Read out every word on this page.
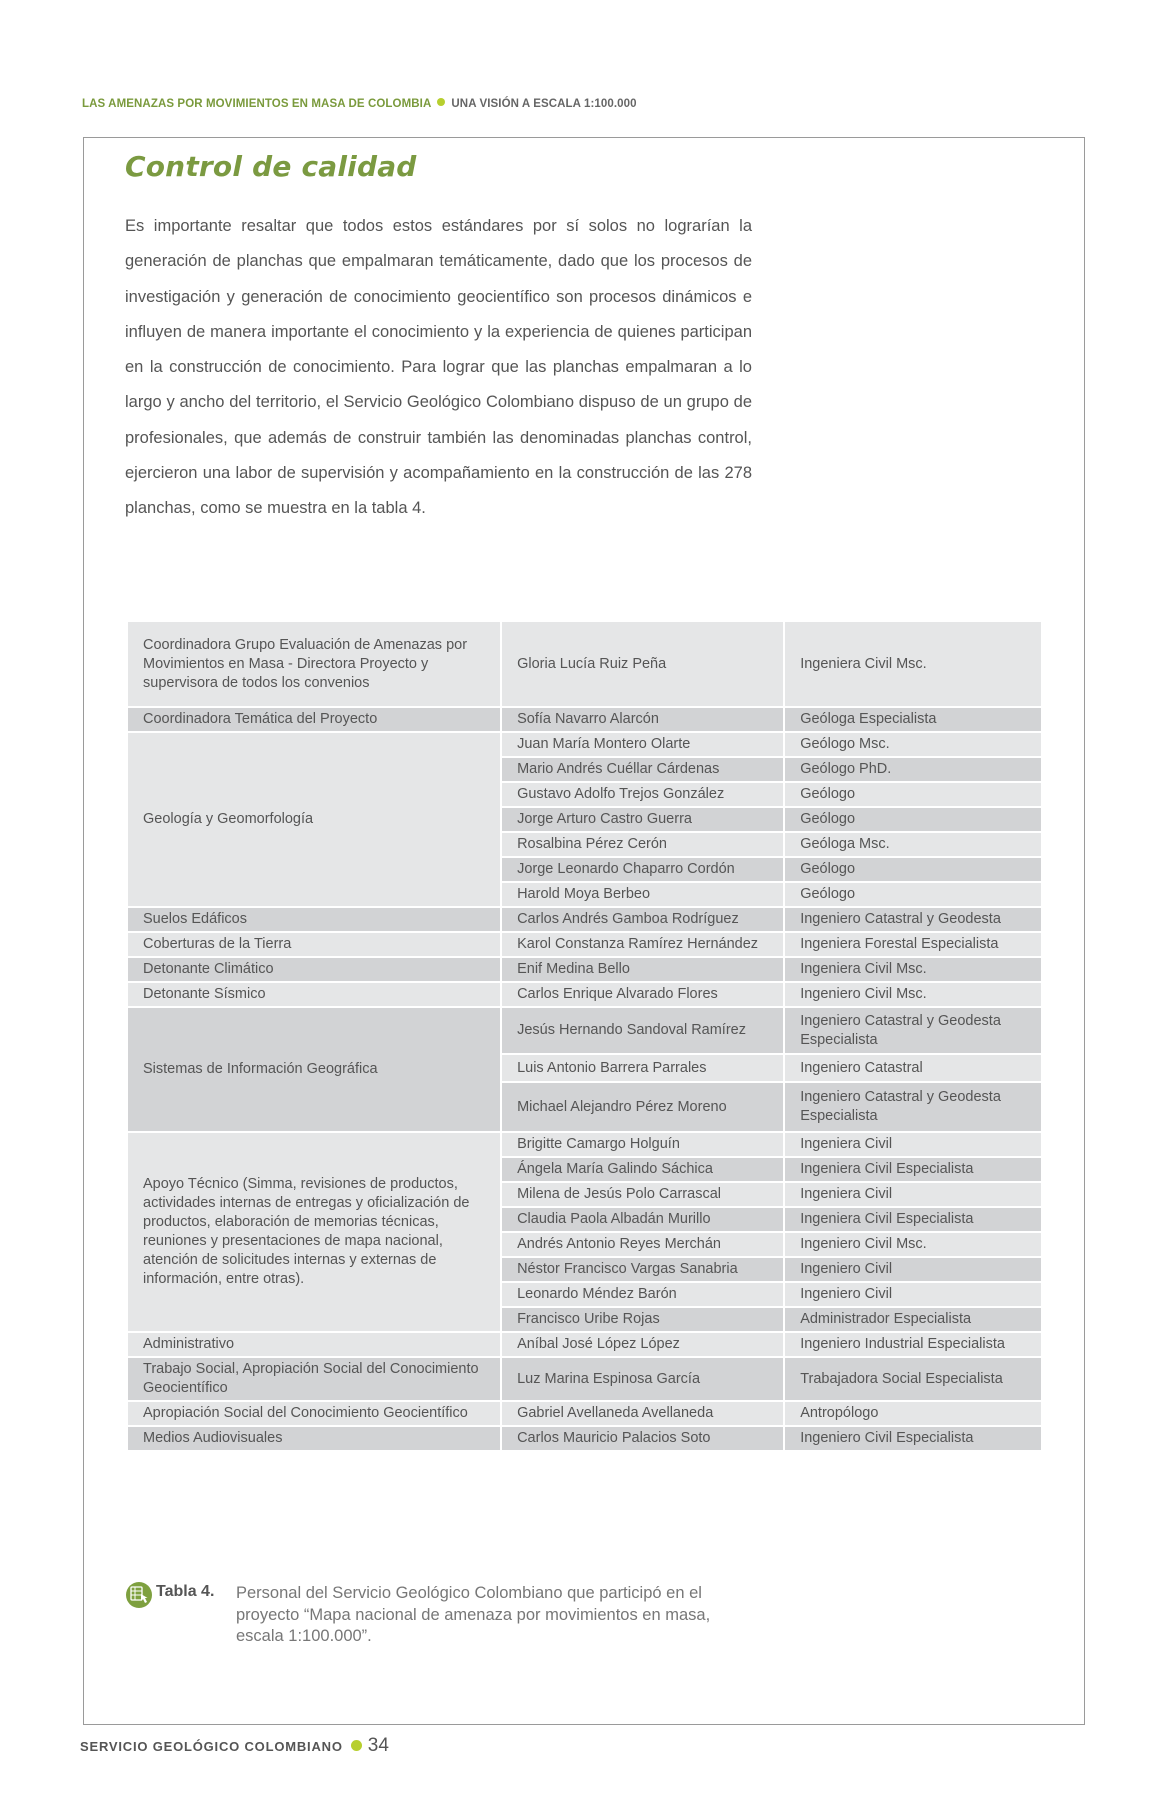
LAS AMENAZAS POR MOVIMIENTOS EN MASA DE COLOMBIA UNA VISIÓN A ESCALA 1:100.000
Control de calidad
Es importante resaltar que todos estos estándares por sí solos no lograrían la generación de planchas que empalmaran temáticamente, dado que los procesos de investigación y generación de conocimiento geocientífico son procesos dinámicos e influyen de manera importante el conocimiento y la experiencia de quienes participan en la construcción de conocimiento. Para lograr que las planchas empalmaran a lo largo y ancho del territorio, el Servicio Geológico Colombiano dispuso de un grupo de profesionales, que además de construir también las denominadas planchas control, ejercieron una labor de supervisión y acompañamiento en la construcción de las 278 planchas, como se muestra en la tabla 4.
Coordinadora Grupo Evaluación de Amenazas por Movimientos en Masa - Directora Proyecto y supervisora de todos los convenios	Gloria Lucía Ruiz Peña	Ingeniera Civil Msc.
Coordinadora Temática del Proyecto	Sofía Navarro Alarcón	Geóloga Especialista
Geología y Geomorfología	Juan María Montero Olarte	Geólogo Msc.
	Mario Andrés Cuéllar Cárdenas	Geólogo PhD.
	Gustavo Adolfo Trejos González	Geólogo
	Jorge Arturo Castro Guerra	Geólogo
	Rosalbina Pérez Cerón	Geóloga Msc.
	Jorge Leonardo Chaparro Cordón	Geólogo
	Harold Moya Berbeo	Geólogo
Suelos Edáficos	Carlos Andrés Gamboa Rodríguez	Ingeniero Catastral y Geodesta
Coberturas de la Tierra	Karol Constanza Ramírez Hernández	Ingeniera Forestal Especialista
Detonante Climático	Enif Medina Bello	Ingeniera Civil Msc.
Detonante Sísmico	Carlos Enrique Alvarado Flores	Ingeniero Civil Msc.
Sistemas de Información Geográfica	Jesús Hernando Sandoval Ramírez	Ingeniero Catastral y Geodesta Especialista
	Luis Antonio Barrera Parrales	Ingeniero Catastral
	Michael Alejandro Pérez Moreno	Ingeniero Catastral y Geodesta Especialista
Apoyo Técnico (Simma, revisiones de productos, actividades internas de entregas y oficialización de productos, elaboración de memorias técnicas, reuniones y presentaciones de mapa nacional, atención de solicitudes internas y externas de información, entre otras).	Brigitte Camargo Holguín	Ingeniera Civil
	Ángela María Galindo Sáchica	Ingeniera Civil Especialista
	Milena de Jesús Polo Carrascal	Ingeniera Civil
	Claudia Paola Albadán Murillo	Ingeniera Civil Especialista
	Andrés Antonio Reyes Merchán	Ingeniero Civil Msc.
	Néstor Francisco Vargas Sanabria	Ingeniero Civil
	Leonardo Méndez Barón	Ingeniero Civil
	Francisco Uribe Rojas	Administrador Especialista
Administrativo	Aníbal José López López	Ingeniero Industrial Especialista
Trabajo Social, Apropiación Social del Conocimiento Geocientífico	Luz Marina Espinosa García	Trabajadora Social Especialista
Apropiación Social del Conocimiento Geocientífico	Gabriel Avellaneda Avellaneda	Antropólogo
Medios Audiovisuales	Carlos Mauricio Palacios Soto	Ingeniero Civil Especialista
Tabla 4. Personal del Servicio Geológico Colombiano que participó en el proyecto “Mapa nacional de amenaza por movimientos en masa, escala 1:100.000”.
SERVICIO GEOLÓGICO COLOMBIANO 34
